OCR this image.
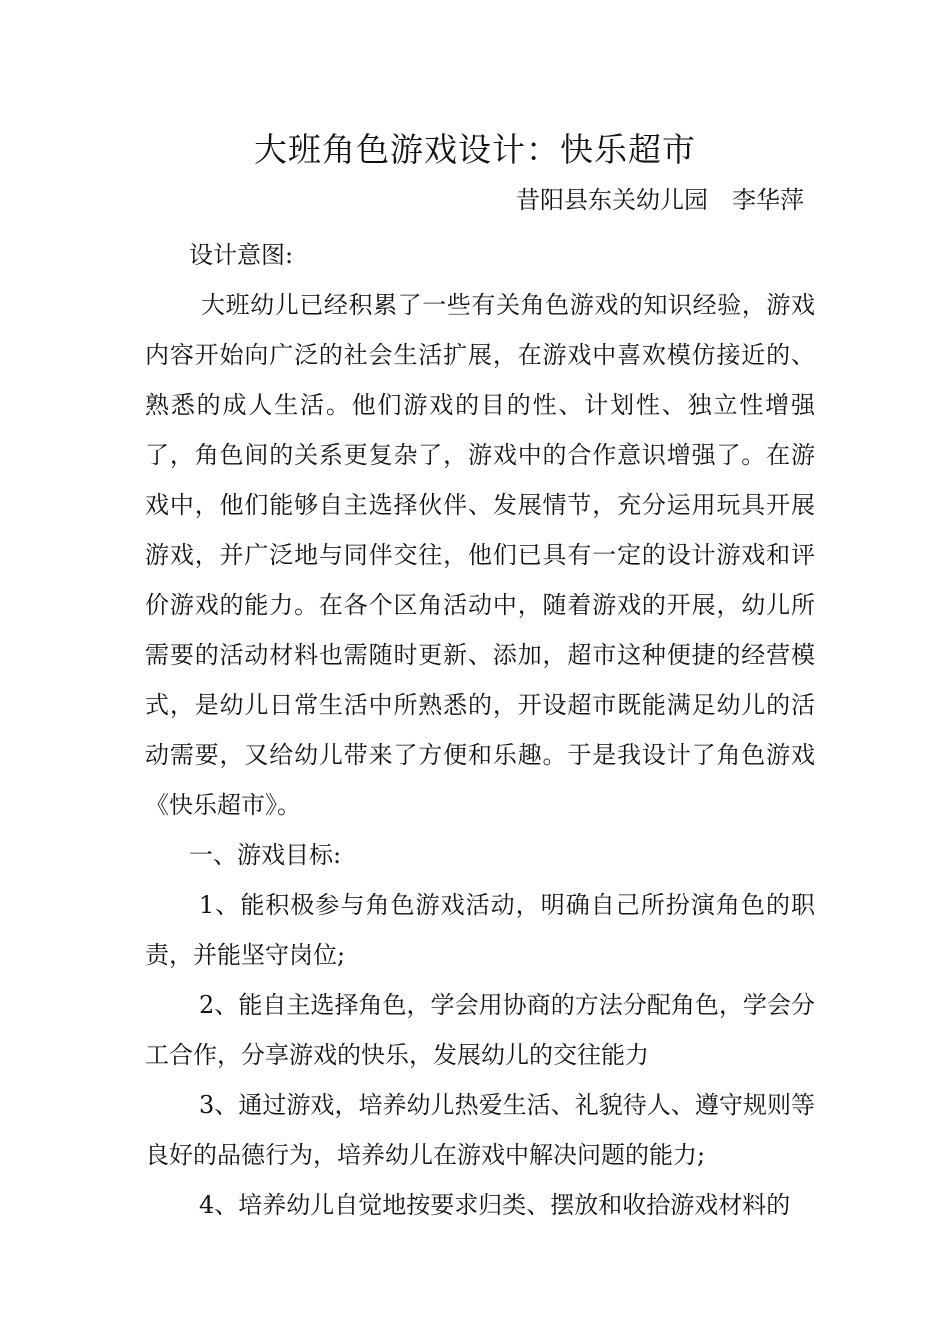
大班角色游戏设计：快乐超市
昔阳县东关幼儿园　李华萍

设计意图:

大班幼儿已经积累了一些有关角色游戏的知识经验，游戏内容开始向广泛的社会生活扩展，在游戏中喜欢模仿接近的、熟悉的成人生活。他们游戏的目的性、计划性、独立性增强了，角色间的关系更复杂了，游戏中的合作意识增强了。在游戏中，他们能够自主选择伙伴、发展情节，充分运用玩具开展游戏，并广泛地与同伴交往，他们已具有一定的设计游戏和评价游戏的能力。在各个区角活动中，随着游戏的开展，幼儿所需要的活动材料也需随时更新、添加，超市这种便捷的经营模式，是幼儿日常生活中所熟悉的，开设超市既能满足幼儿的活动需要，又给幼儿带来了方便和乐趣。于是我设计了角色游戏《快乐超市》。

一、游戏目标:

1、能积极参与角色游戏活动，明确自己所扮演角色的职责，并能坚守岗位;
2、能自主选择角色，学会用协商的方法分配角色，学会分工合作，分享游戏的快乐，发展幼儿的交往能力
3、通过游戏，培养幼儿热爱生活、礼貌待人、遵守规则等良好的品德行为，培养幼儿在游戏中解决问题的能力;
4、培养幼儿自觉地按要求归类、摆放和收拾游戏材料的
